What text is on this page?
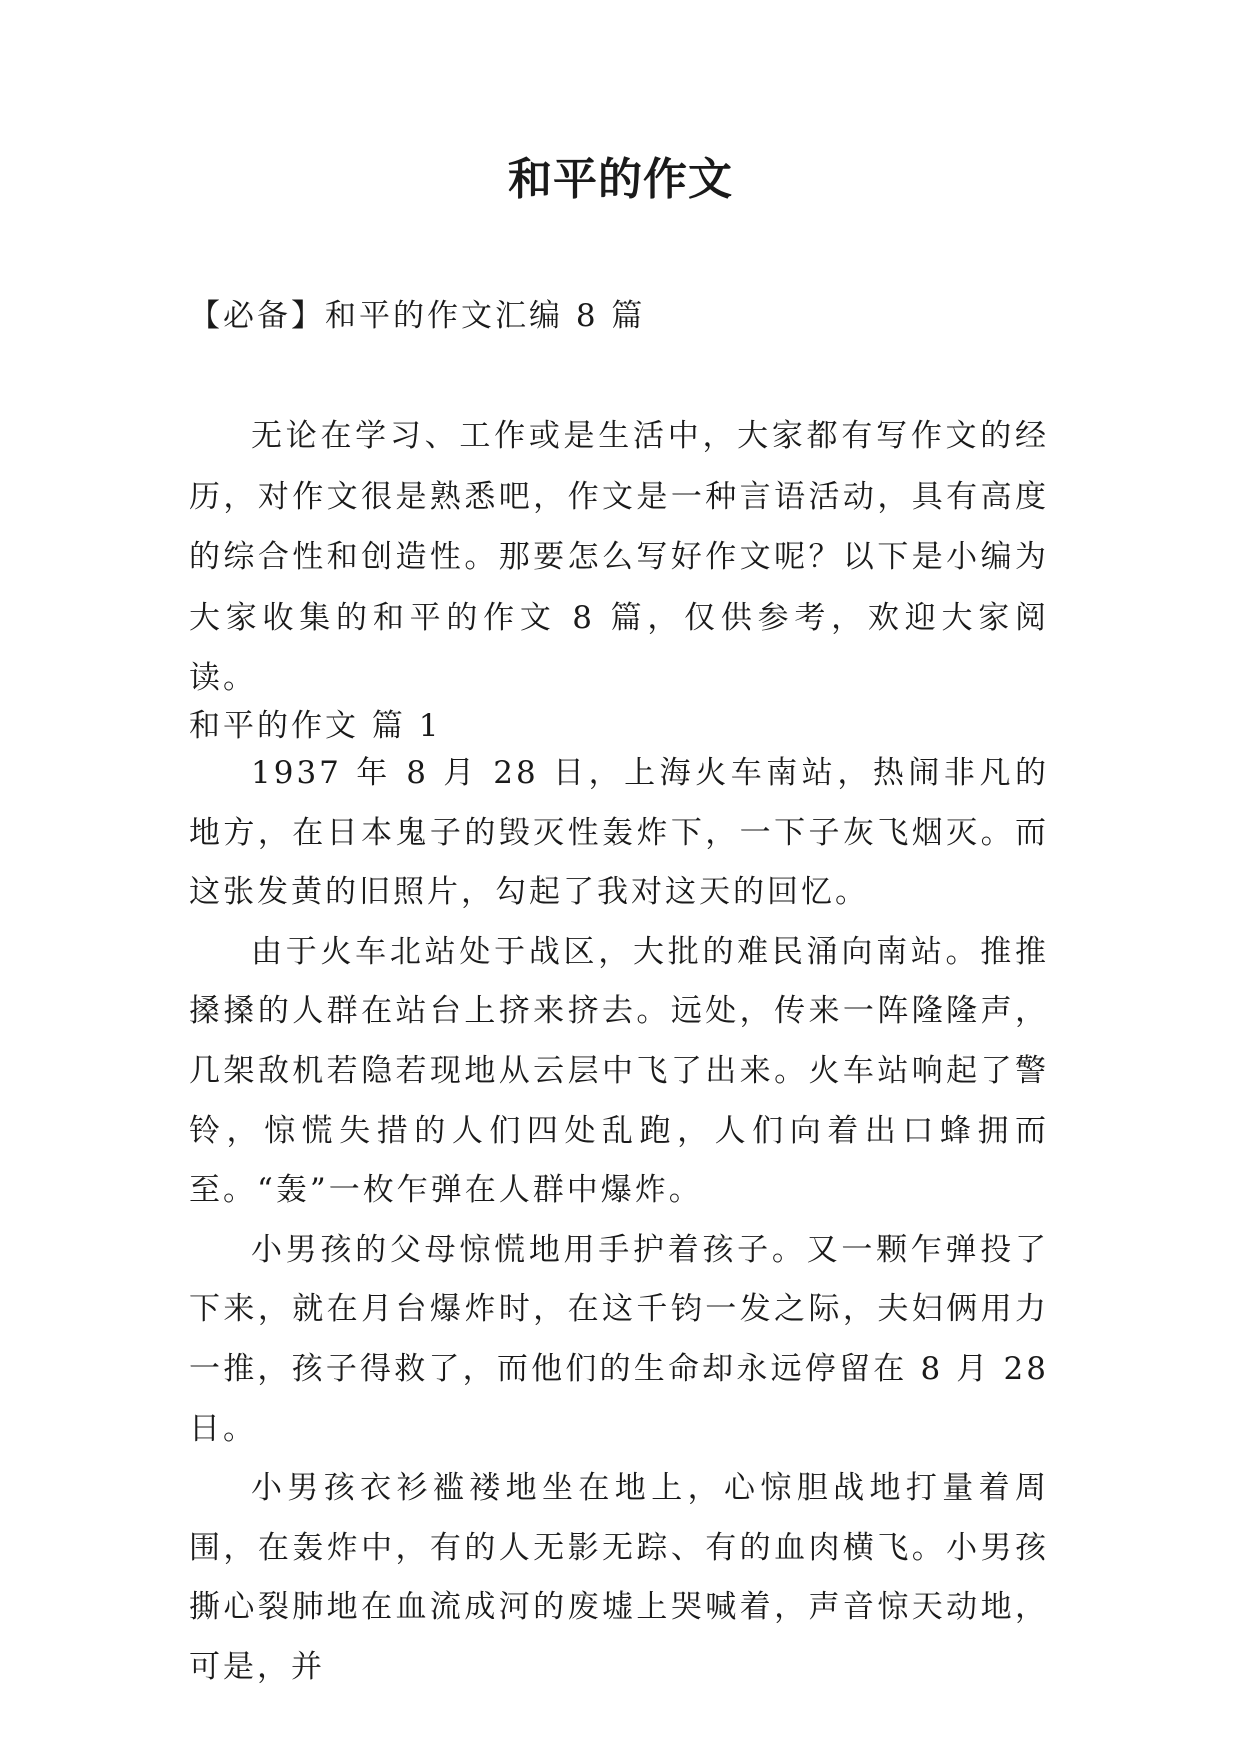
和平的作文
【必备】和平的作文汇编 8 篇

无论在学习、工作或是生活中，大家都有写作文的经历，对作文很是熟悉吧，作文是一种言语活动，具有高度的综合性和创造性。那要怎么写好作文呢？以下是小编为大家收集的和平的作文 8 篇，仅供参考，欢迎大家阅读。

和平的作文 篇 1

1937 年 8 月 28 日，上海火车南站，热闹非凡的地方，在日本鬼子的毁灭性轰炸下，一下子灰飞烟灭。而这张发黄的旧照片，勾起了我对这天的回忆。

由于火车北站处于战区，大批的难民涌向南站。推推搡搡的人群在站台上挤来挤去。远处，传来一阵隆隆声，几架敌机若隐若现地从云层中飞了出来。火车站响起了警铃，惊慌失措的人们四处乱跑，人们向着出口蜂拥而至。“轰”一枚乍弹在人群中爆炸。

小男孩的父母惊慌地用手护着孩子。又一颗乍弹投了下来，就在月台爆炸时，在这千钧一发之际，夫妇俩用力一推，孩子得救了，而他们的生命却永远停留在 8 月 28 日。

小男孩衣衫褴褛地坐在地上，心惊胆战地打量着周围，在轰炸中，有的人无影无踪、有的血肉横飞。小男孩撕心裂肺地在血流成河的废墟上哭喊着，声音惊天动地，可是，并
